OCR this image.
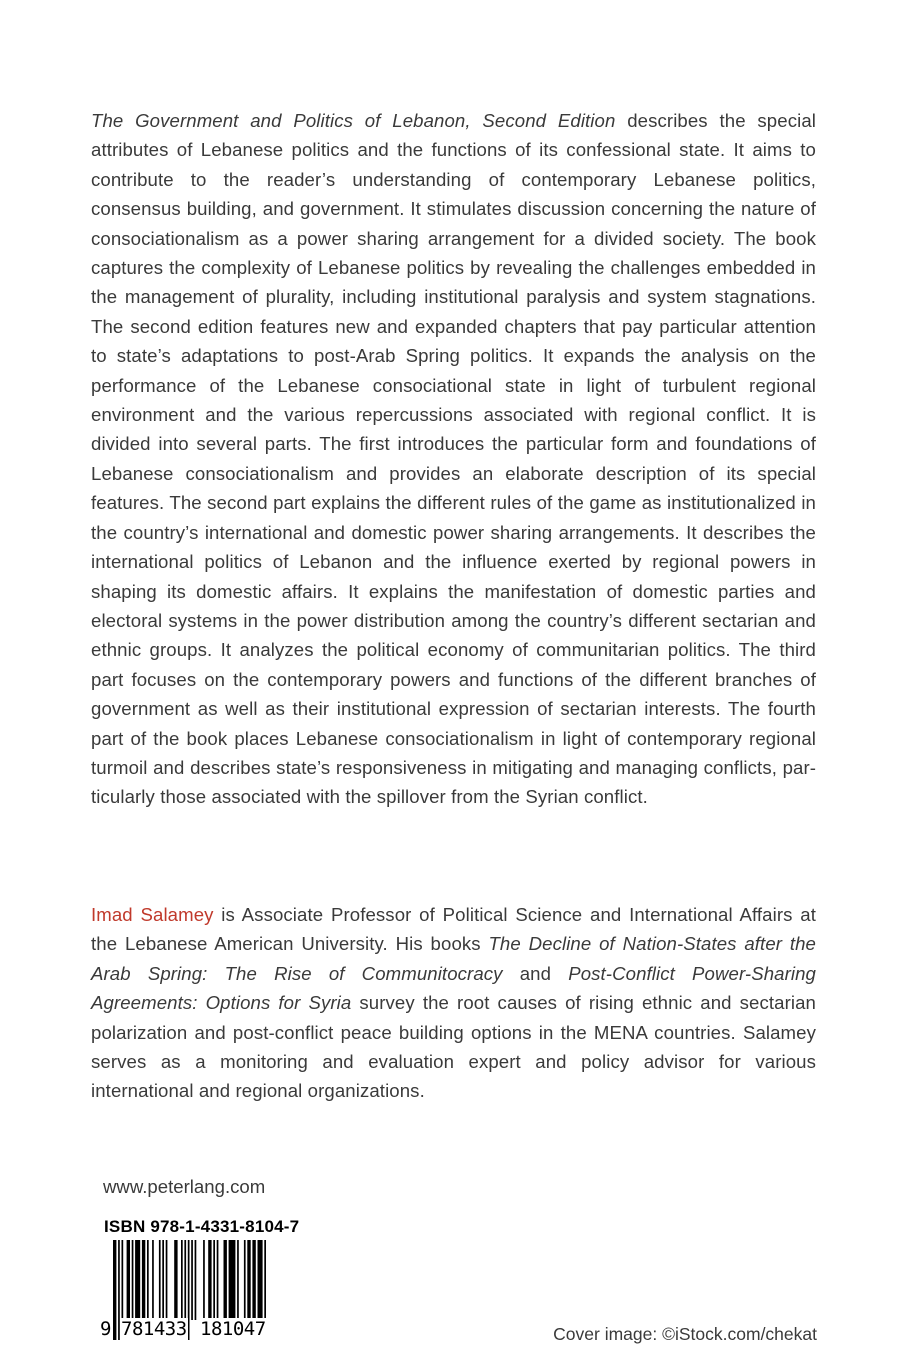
The Government and Politics of Lebanon, Second Edition describes the special attributes of Lebanese politics and the functions of its confessional state. It aims to contribute to the reader’s understanding of contemporary Lebanese politics, consensus building, and government. It stimulates discussion concerning the nature of consociationalism as a power sharing arrangement for a divided society. The book captures the complexity of Lebanese politics by revealing the challenges embedded in the management of plurality, including institutional paralysis and system stagnations. The second edition features new and expanded chapters that pay particular attention to state’s adaptations to post-Arab Spring politics. It expands the analysis on the performance of the Lebanese consociational state in light of turbulent regional environment and the various repercussions associated with regional conflict. It is divided into several parts. The first introduces the particular form and foundations of Lebanese consociationalism and provides an elaborate description of its special features. The second part explains the different rules of the game as institutionalized in the country’s international and domestic power sharing arrangements. It describes the international politics of Lebanon and the influence exerted by regional powers in shaping its domestic affairs. It explains the manifestation of domestic parties and electoral systems in the power distribution among the country’s different sectarian and ethnic groups. It analyzes the political economy of communitarian politics. The third part focuses on the contemporary powers and functions of the different branches of government as well as their institutional expression of sectarian interests. The fourth part of the book places Lebanese consociationalism in light of contemporary regional turmoil and describes state’s responsiveness in mitigating and managing conflicts, particularly those associated with the spillover from the Syrian conflict.
Imad Salamey is Associate Professor of Political Science and International Affairs at the Lebanese American University. His books The Decline of Nation-States after the Arab Spring: The Rise of Communitocracy and Post-Conflict Power-Sharing Agreements: Options for Syria survey the root causes of rising ethnic and sectarian polarization and post-conflict peace building options in the MENA countries. Salamey serves as a monitoring and evaluation expert and policy advisor for various international and regional organizations.
www.peterlang.com
ISBN 978-1-4331-8104-7
9 781433 181047	Cover image: ©iStock.com/chekat
